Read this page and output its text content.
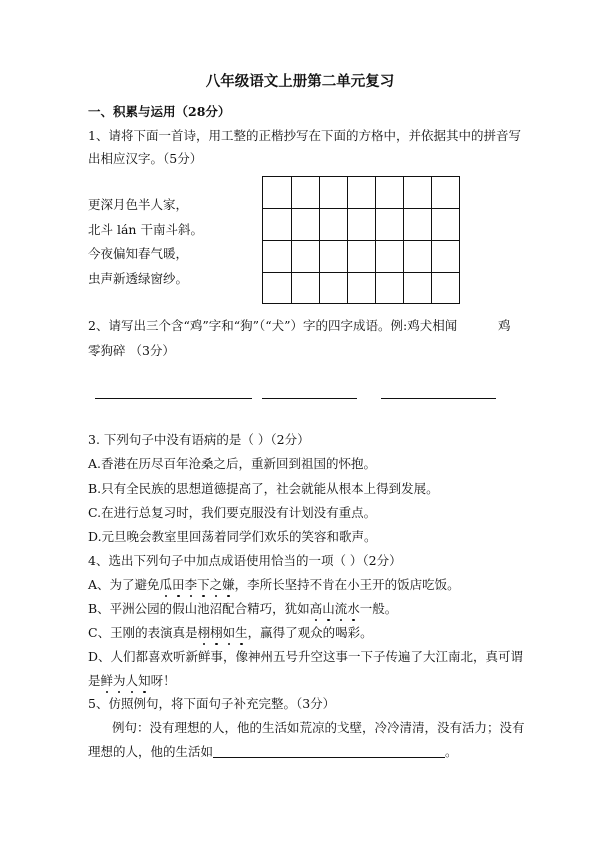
八年级语文上册第二单元复习
一、积累与运用（28分）
1、请将下面一首诗，用工整的正楷抄写在下面的方格中，并依据其中的拼音写
出相应汉字。（5分）
更深月色半人家，
北斗 lán 干南斗斜。
今夜偏知春气暖，
虫声新透绿窗纱。
2、请写出三个含“鸡”字和“狗”（“犬”）字的四字成语。例:鸡犬相闻	鸡
零狗碎 （3分）
3. 下列句子中没有语病的是（ ）（2分）
A.香港在历尽百年沧桑之后，重新回到祖国的怀抱。
B.只有全民族的思想道德提高了，社会就能从根本上得到发展。
C.在进行总复习时，我们要克服没有计划没有重点。
D.元旦晚会教室里回荡着同学们欢乐的笑容和歌声。
4、选出下列句子中加点成语使用恰当的一项（ ）（2分）
A、为了避免瓜田李下之嫌，李所长坚持不肯在小王开的饭店吃饭。
B、平洲公园的假山池沼配合精巧，犹如高山流水一般。
C、王刚的表演真是栩栩如生，赢得了观众的喝彩。
D、人们都喜欢听新鲜事，像神州五号升空这事一下子传遍了大江南北，真可谓
是鲜为人知呀！
5、仿照例句，将下面句子补充完整。（3分）
例句：没有理想的人，他的生活如荒凉的戈壁，冷冷清清，没有活力；没有
理想的人，他的生活如	。
